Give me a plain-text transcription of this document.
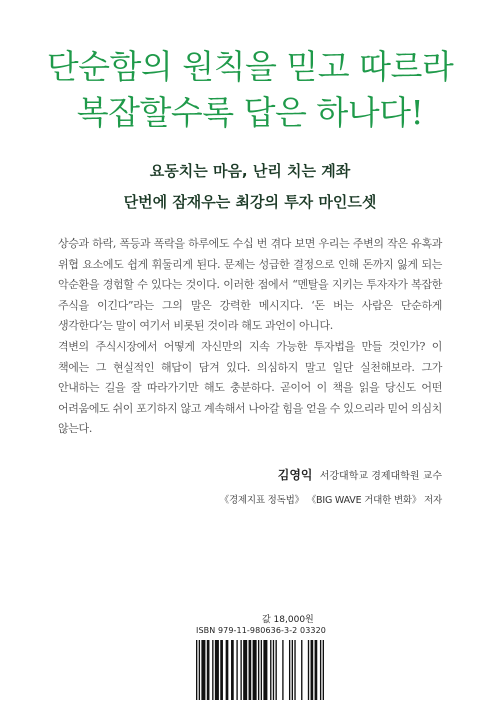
단순함의 원칙을 믿고 따르라
복잡할수록 답은 하나다!
요동치는 마음, 난리 치는 계좌
단번에 잠재우는 최강의 투자 마인드셋

상승과 하락, 폭등과 폭락을 하루에도 수십 번 겪다 보면 우리는 주변의 작은 유혹과 위협 요소에도 쉽게 휘둘리게 된다. 문제는 성급한 결정으로 인해 돈까지 잃게 되는 악순환을 경험할 수 있다는 것이다. 이러한 점에서 “멘탈을 지키는 투자자가 복잡한 주식을 이긴다”라는 그의 말은 강력한 메시지다. ‘돈 버는 사람은 단순하게 생각한다’는 말이 여기서 비롯된 것이라 해도 과언이 아니다.

격변의 주식시장에서 어떻게 자신만의 지속 가능한 투자법을 만들 것인가? 이 책에는 그 현실적인 해답이 담겨 있다. 의심하지 말고 일단 실천해보라. 그가 안내하는 길을 잘 따라가기만 해도 충분하다. 곧이어 이 책을 읽을 당신도 어떤 어려움에도 쉬이 포기하지 않고 계속해서 나아갈 힘을 얻을 수 있으리라 믿어 의심치 않는다.

김영익 서강대학교 경제대학원 교수
《경제지표 정독법》 《BIG WAVE 거대한 변화》 저자
값 18,000원
ISBN 979-11-980636-3-2 03320
